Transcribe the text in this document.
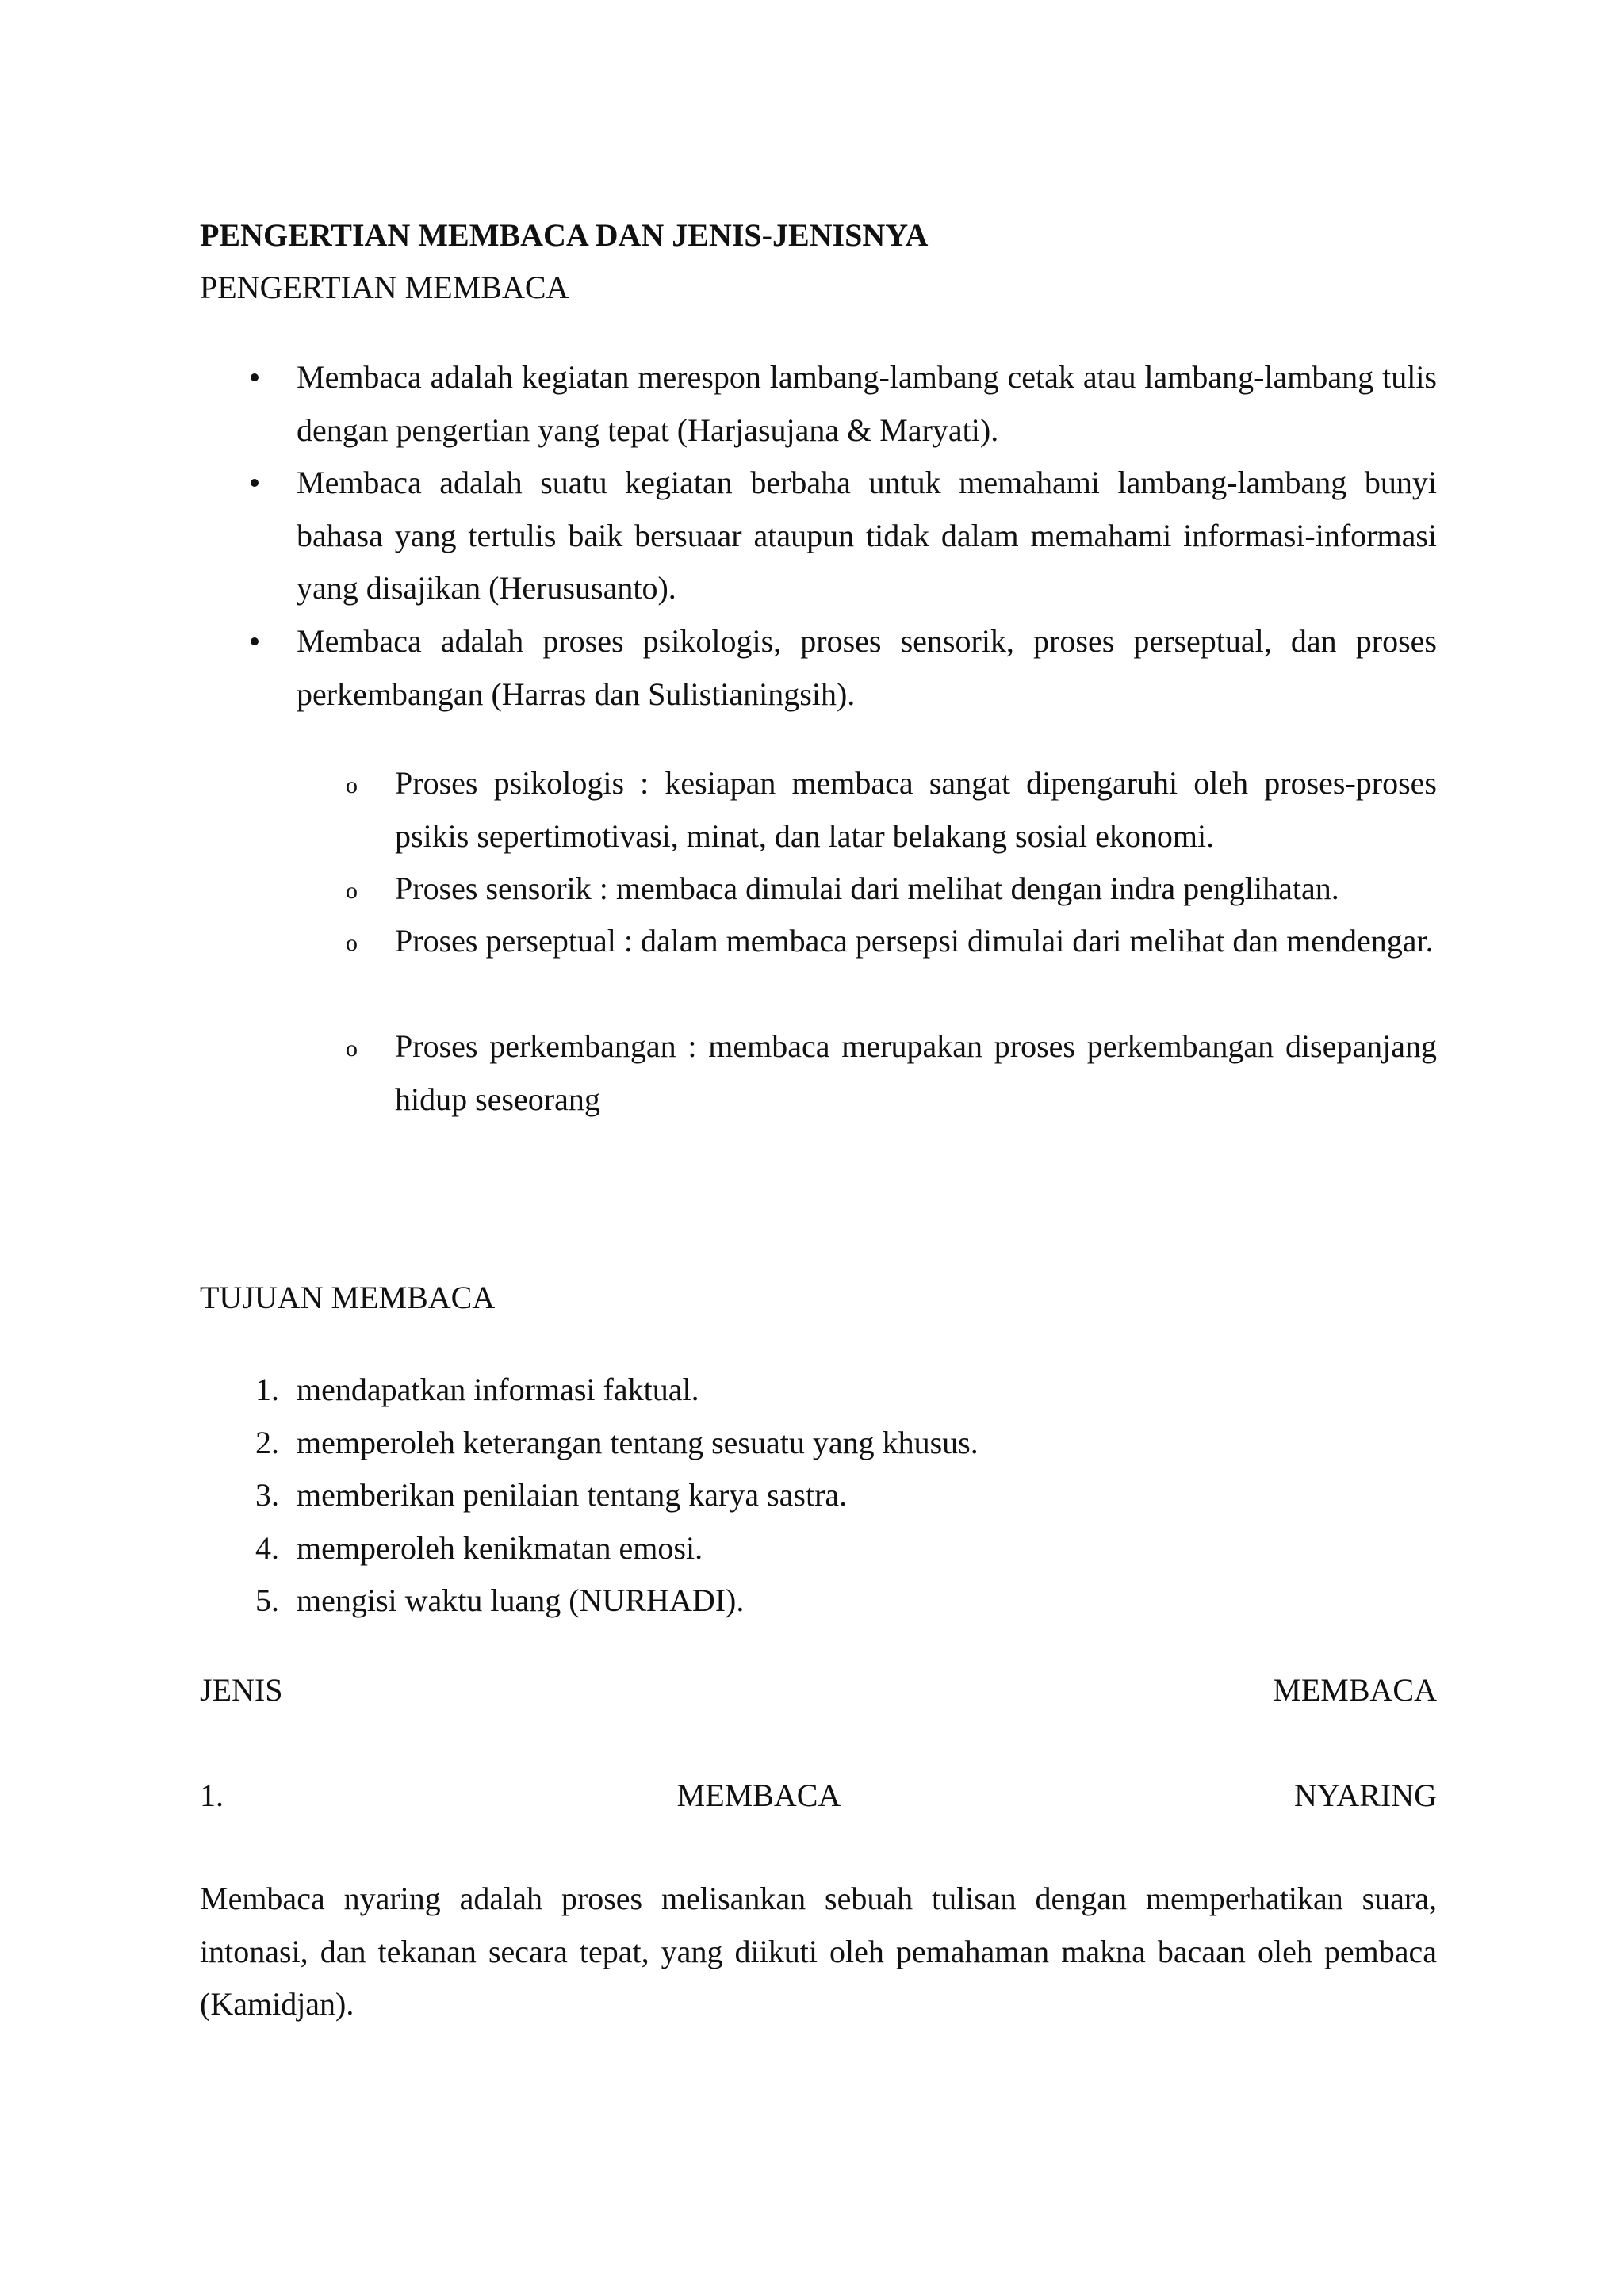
PENGERTIAN MEMBACA DAN JENIS-JENISNYA
PENGERTIAN MEMBACA
Membaca adalah kegiatan merespon lambang-lambang cetak atau lambang-lambang tulis dengan pengertian yang tepat (Harjasujana & Maryati).
Membaca adalah suatu kegiatan berbaha untuk memahami lambang-lambang bunyi bahasa yang tertulis baik bersuaar ataupun tidak dalam memahami informasi-informasi yang disajikan (Herususanto).
Membaca adalah proses psikologis, proses sensorik, proses perseptual, dan proses perkembangan (Harras dan Sulistianingsih).
o Proses psikologis : kesiapan membaca sangat dipengaruhi oleh proses-proses psikis sepertimotivasi, minat, dan latar belakang sosial ekonomi.
o Proses sensorik : membaca dimulai dari melihat dengan indra penglihatan.
o Proses perseptual : dalam membaca persepsi dimulai dari melihat dan mendengar.
o Proses perkembangan : membaca merupakan proses perkembangan disepanjang hidup seseorang
TUJUAN MEMBACA
1. mendapatkan informasi faktual.
2. memperoleh keterangan tentang sesuatu yang khusus.
3. memberikan penilaian tentang karya sastra.
4. memperoleh kenikmatan emosi.
5. mengisi waktu luang (NURHADI).
JENIS	MEMBACA
1.	MEMBACA	NYARING
Membaca nyaring adalah proses melisankan sebuah tulisan dengan memperhatikan suara, intonasi, dan tekanan secara tepat, yang diikuti oleh pemahaman makna bacaan oleh pembaca (Kamidjan).
